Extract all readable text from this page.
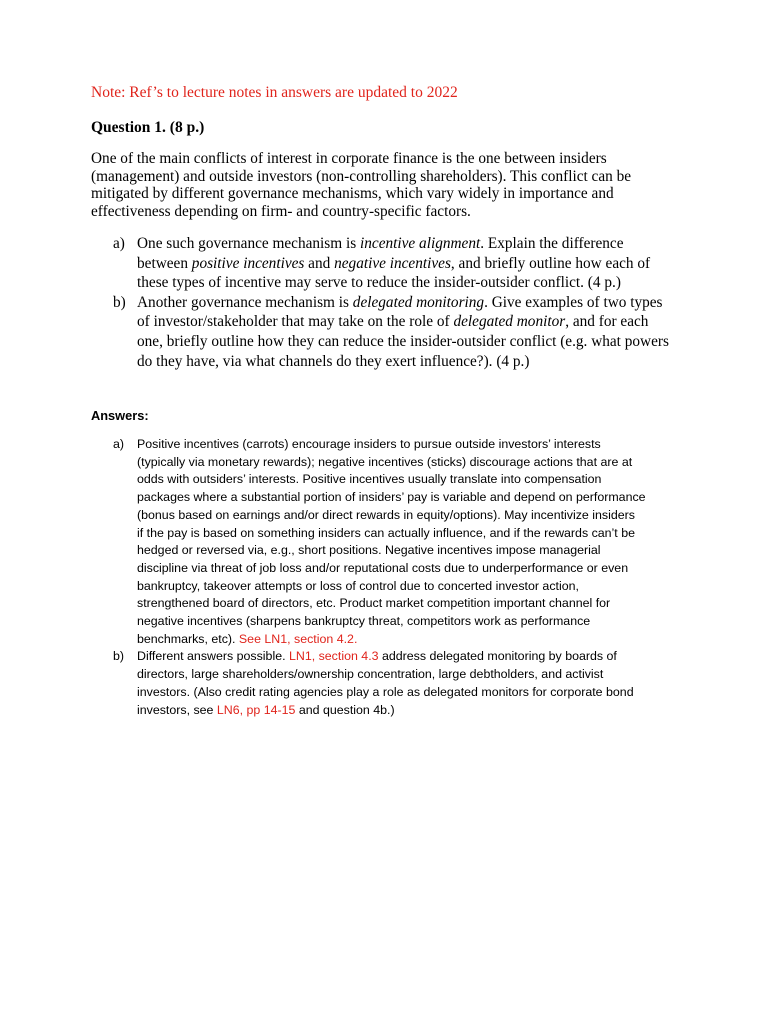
Note: Ref’s to lecture notes in answers are updated to 2022
Question 1. (8 p.)
One of the main conflicts of interest in corporate finance is the one between insiders
(management) and outside investors (non-controlling shareholders). This conflict can be
mitigated by different governance mechanisms, which vary widely in importance and
effectiveness depending on firm- and country-specific factors.
a) One such governance mechanism is incentive alignment. Explain the difference
between positive incentives and negative incentives, and briefly outline how each of
these types of incentive may serve to reduce the insider-outsider conflict. (4 p.)
b) Another governance mechanism is delegated monitoring. Give examples of two types
of investor/stakeholder that may take on the role of delegated monitor, and for each
one, briefly outline how they can reduce the insider-outsider conflict (e.g. what powers
do they have, via what channels do they exert influence?). (4 p.)
Answers:
a) Positive incentives (carrots) encourage insiders to pursue outside investors’ interests
(typically via monetary rewards); negative incentives (sticks) discourage actions that are at
odds with outsiders’ interests. Positive incentives usually translate into compensation
packages where a substantial portion of insiders’ pay is variable and depend on performance
(bonus based on earnings and/or direct rewards in equity/options). May incentivize insiders
if the pay is based on something insiders can actually influence, and if the rewards can’t be
hedged or reversed via, e.g., short positions. Negative incentives impose managerial
discipline via threat of job loss and/or reputational costs due to underperformance or even
bankruptcy, takeover attempts or loss of control due to concerted investor action,
strengthened board of directors, etc. Product market competition important channel for
negative incentives (sharpens bankruptcy threat, competitors work as performance
benchmarks, etc). See LN1, section 4.2.
b) Different answers possible. LN1, section 4.3 address delegated monitoring by boards of
directors, large shareholders/ownership concentration, large debtholders, and activist
investors. (Also credit rating agencies play a role as delegated monitors for corporate bond
investors, see LN6, pp 14-15 and question 4b.)
